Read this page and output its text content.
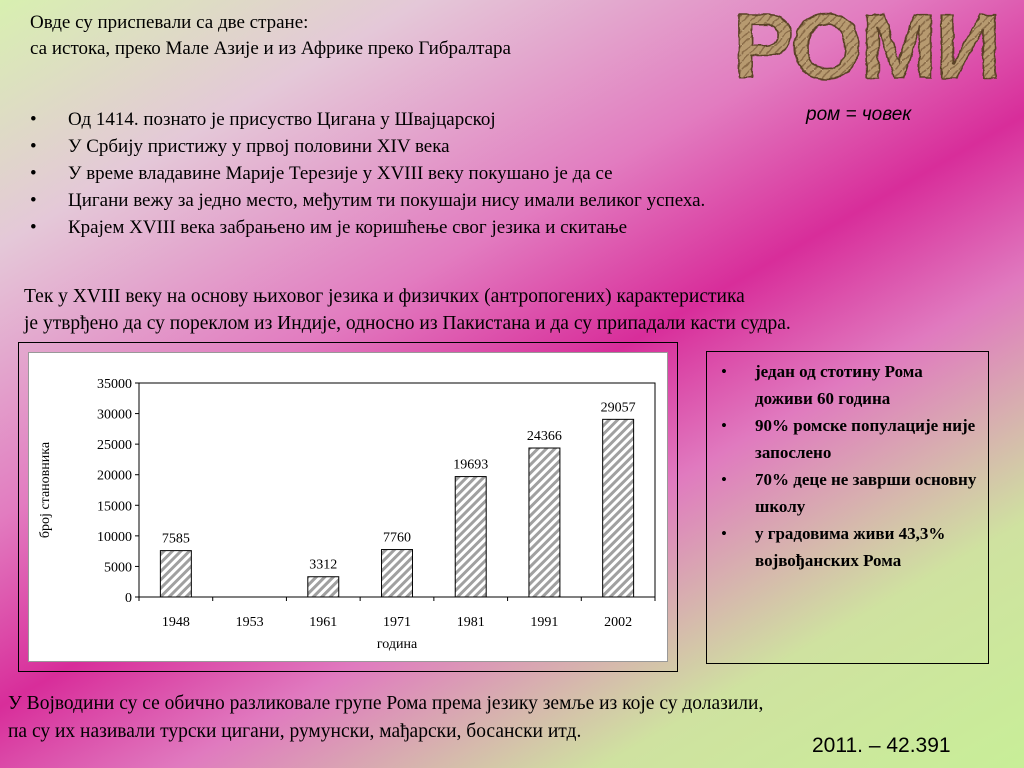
Овде су приспевали са две стране:
са истока, преко Мале Азије и из Африке преко Гибралтара	РОМИ
ром = човек
• Од 1414. познато је присуство Цигана у Швајцарској
• У Србију пристижу у првој половини XIV века
• У време владавине Марије Терезије у XVIII веку покушано је да се
• Цигани вежу за једно место, међутим ти покушаји нису имали великог успеха.
• Крајем XVIII века забрањено им је коришћење свог језика и скитање
Тек у XVIII веку на основу њиховог језика и физичких (антропогених) карактеристика
је утврђено да су пореклом из Индије, односно из Пакистана и да су припадали касти судра.
0
5000
10000
15000
20000
25000
30000
35000
број становника
7585
1948	1953
3312
1961
7760
1971
19693
1981
24366
1991
29057
2002
година
• један од стотину Рома доживи 60 година
• 90% ромске популације није запослено
• 70% деце не заврши основну школу
• у градовима живи 43,3% војвођанских Рома
У Војводини су се обично разликовале групе Рома према језику земље из које су долазили,
па су их називали турски цигани, румунски, мађарски, босански итд.
2011. – 42.391
